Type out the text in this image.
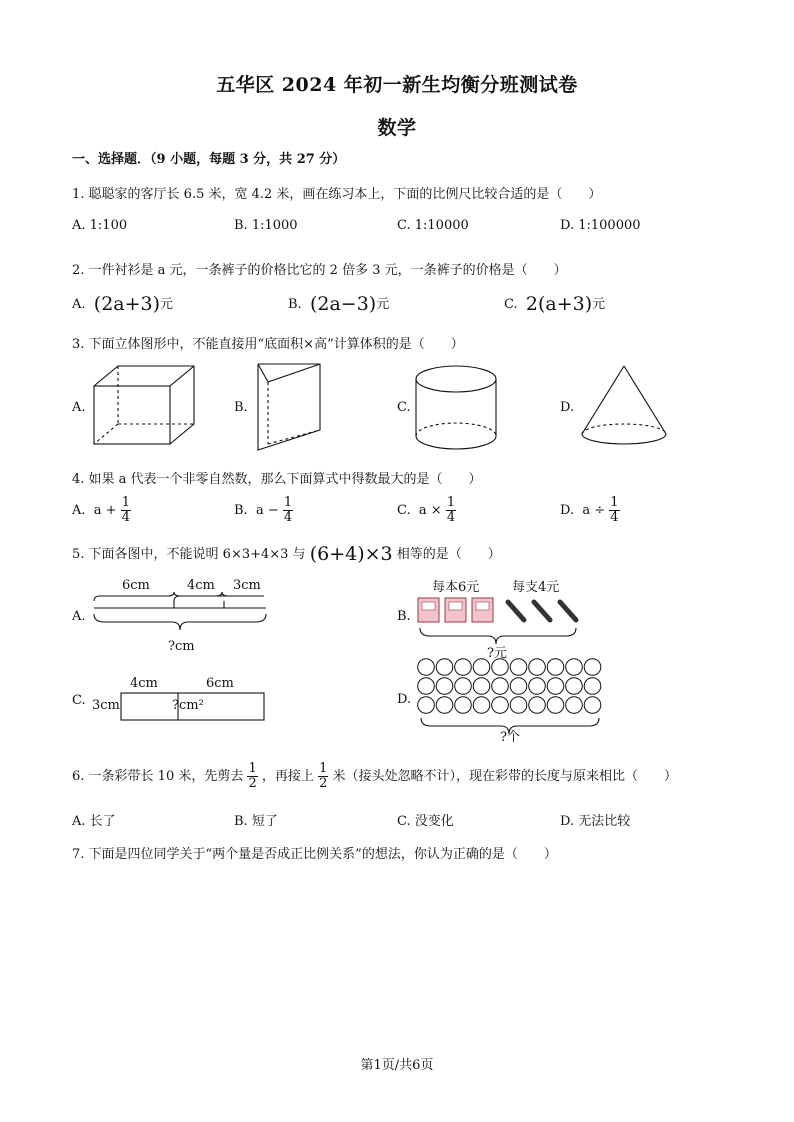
五华区 2024 年初一新生均衡分班测试卷
数学
一、选择题．（9 小题，每题 3 分，共 27 分）
1. 聪聪家的客厅长 6.5 米，宽 4.2 米，画在练习本上，下面的比例尺比较合适的是（　　）
A. 1:100	B. 1:1000	C. 1:10000	D. 1:100000
2. 一件衬衫是 a 元，一条裤子的价格比它的 2 倍多 3 元，一条裤子的价格是（　　）
A. (2a+3)元	B. (2a−3)元	C. 2(a+3)元
3. 下面立体图形中，不能直接用“底面积×高”计算体积的是（　　）
A.	B.	C.	D.
4. 如果 a 代表一个非零自然数，那么下面算式中得数最大的是（　　）
A. $a + \frac{1}{4}$	B. $a - \frac{1}{4}$	C. $a \times \frac{1}{4}$	D. $a \div \frac{1}{4}$
5. 下面各图中，不能说明 6×3+4×3 与 (6+4)×3 相等的是（　　）
A.
6cm	4cm 3cm
?cm
B.
每本6元	每支4元
?元
C.
4cm	6cm
3cm	?cm²	D.
?个
6. 一条彩带长 10 米，先剪去 $\frac{1}{2}$ ，再接上 $\frac{1}{2}$ 米（接头处忽略不计），现在彩带的长度与原来相比（　　）
A. 长了	B. 短了	C. 没变化	D. 无法比较
7. 下面是四位同学关于“两个量是否成正比例关系”的想法，你认为正确的是（　　）
第1页/共6页
